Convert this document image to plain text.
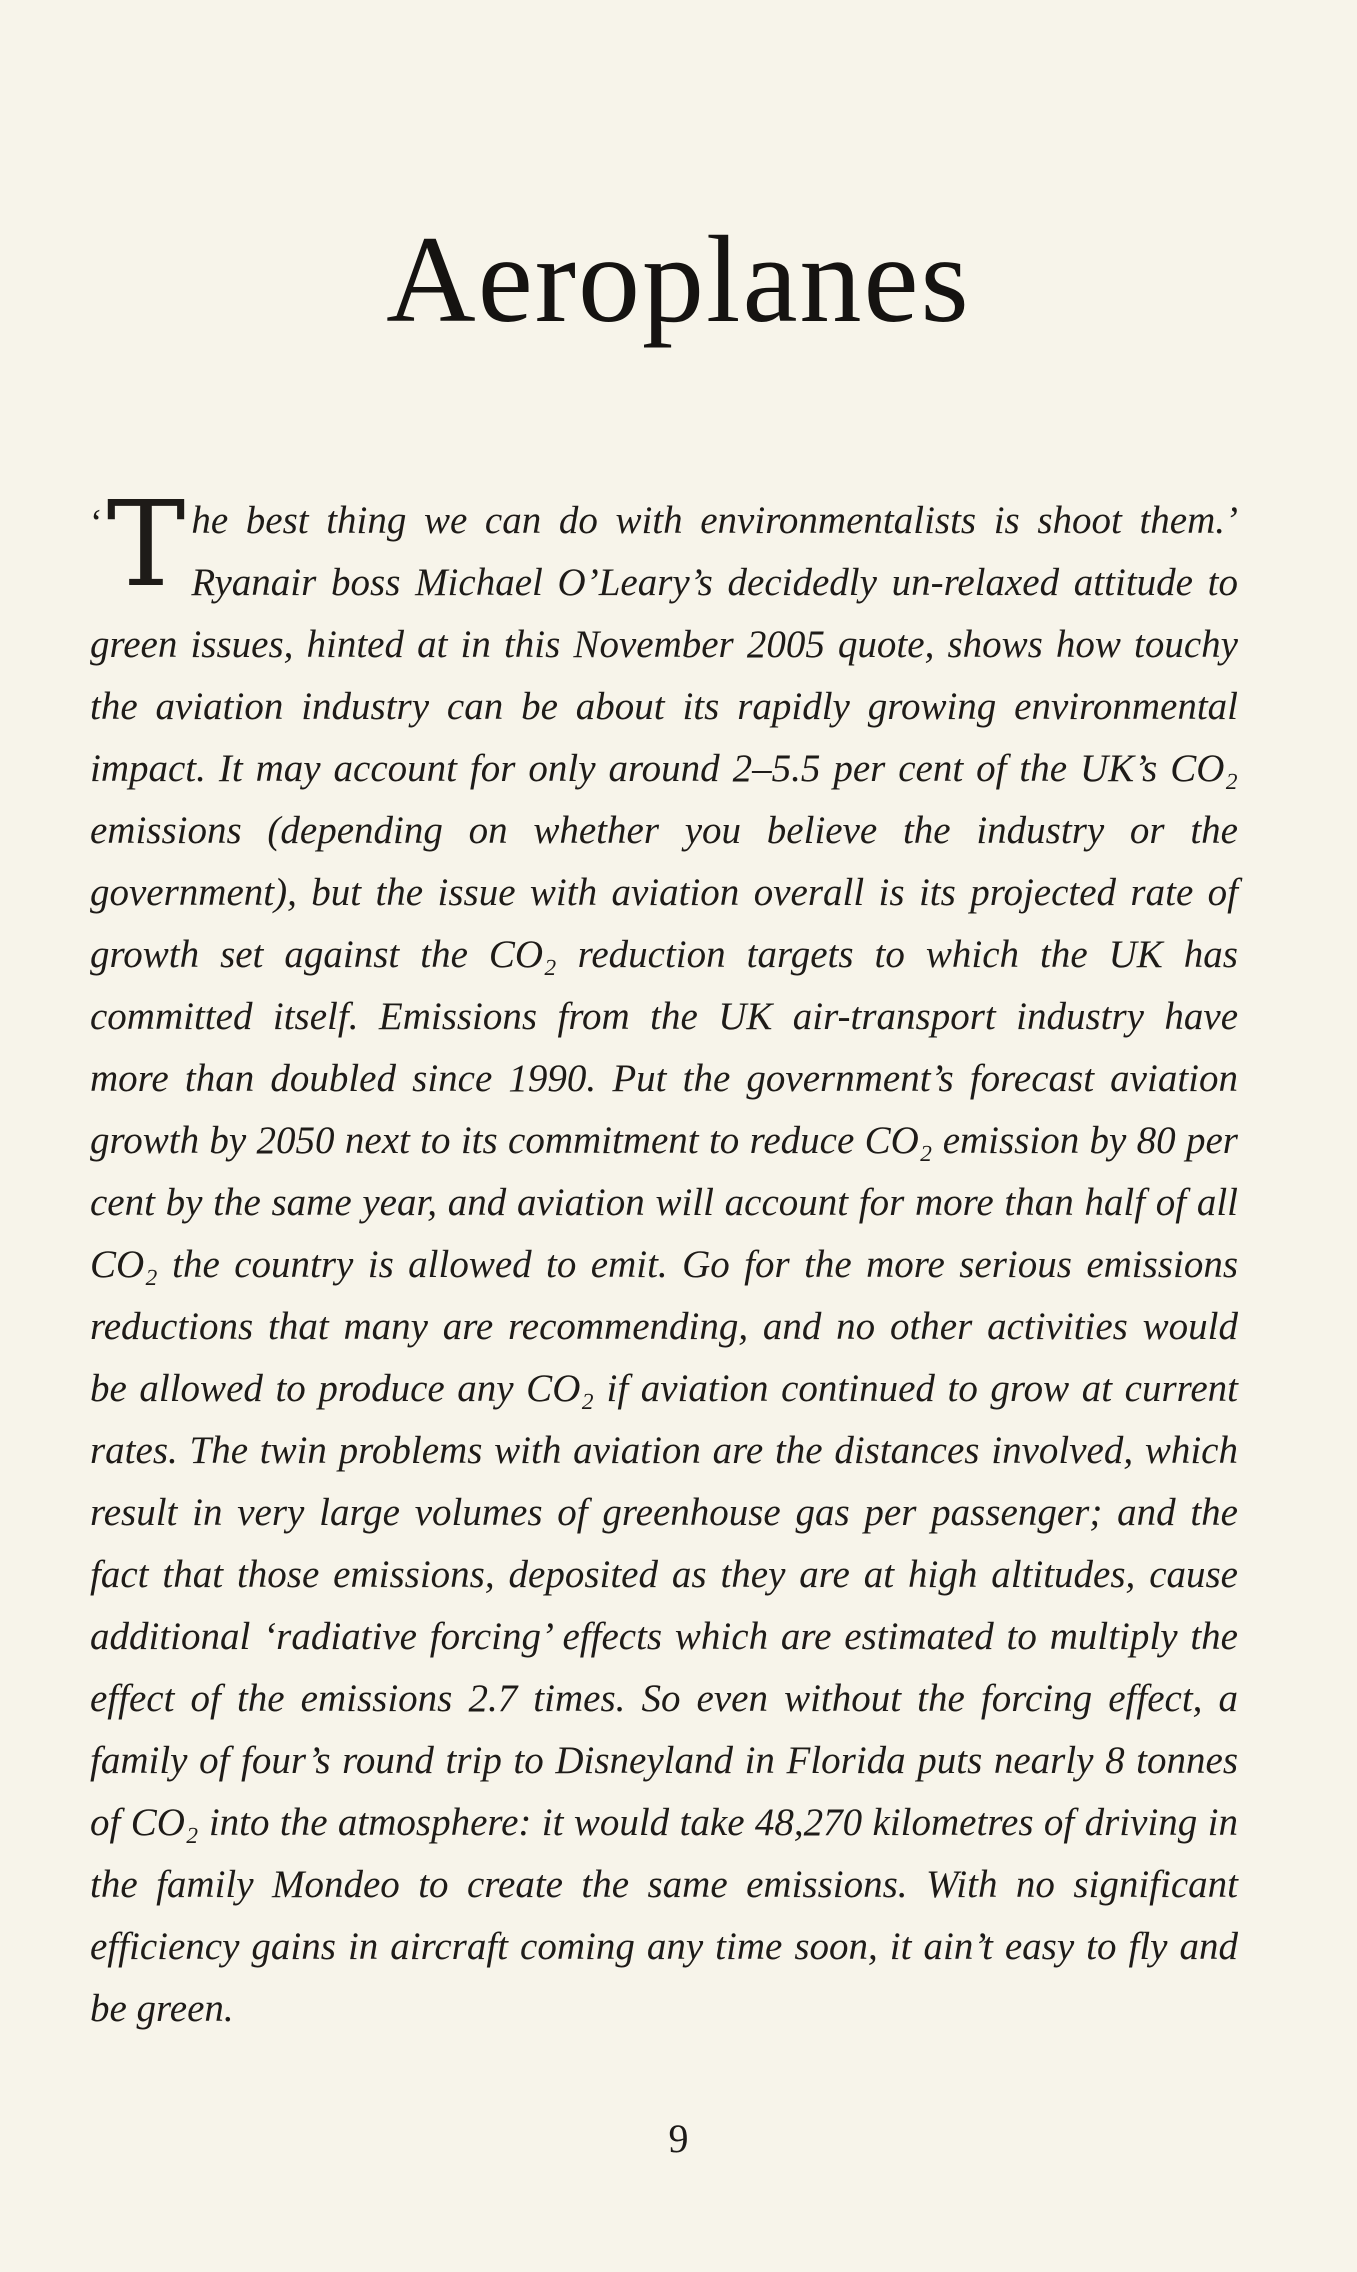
Aeroplanes

‘ T he best thing we can do with environmentalists is shoot them.’ Ryanair boss Michael O’Leary’s decidedly un-relaxed attitude to green issues, hinted at in this November 2005 quote, shows how touchy the aviation industry can be about its rapidly growing environmental impact. It may account for only around 2–5.5 per cent of the UK’s CO₂ emissions (depending on whether you believe the industry or the government), but the issue with aviation overall is its projected rate of growth set against the CO₂ reduction targets to which the UK has committed itself. Emissions from the UK air-transport industry have more than doubled since 1990. Put the government’s forecast aviation growth by 2050 next to its commitment to reduce CO₂ emission by 80 per cent by the same year, and aviation will account for more than half of all CO₂ the country is allowed to emit. Go for the more serious emissions reductions that many are recommending, and no other activities would be allowed to produce any CO₂ if aviation continued to grow at current rates. The twin problems with aviation are the distances involved, which result in very large volumes of greenhouse gas per passenger; and the fact that those emissions, deposited as they are at high altitudes, cause additional ‘radiative forcing’ effects which are estimated to multiply the effect of the emissions 2.7 times. So even without the forcing effect, a family of four’s round trip to Disneyland in Florida puts nearly 8 tonnes of CO₂ into the atmosphere: it would take 48,270 kilometres of driving in the family Mondeo to create the same emissions. With no significant efficiency gains in aircraft coming any time soon, it ain’t easy to fly and be green.

9
